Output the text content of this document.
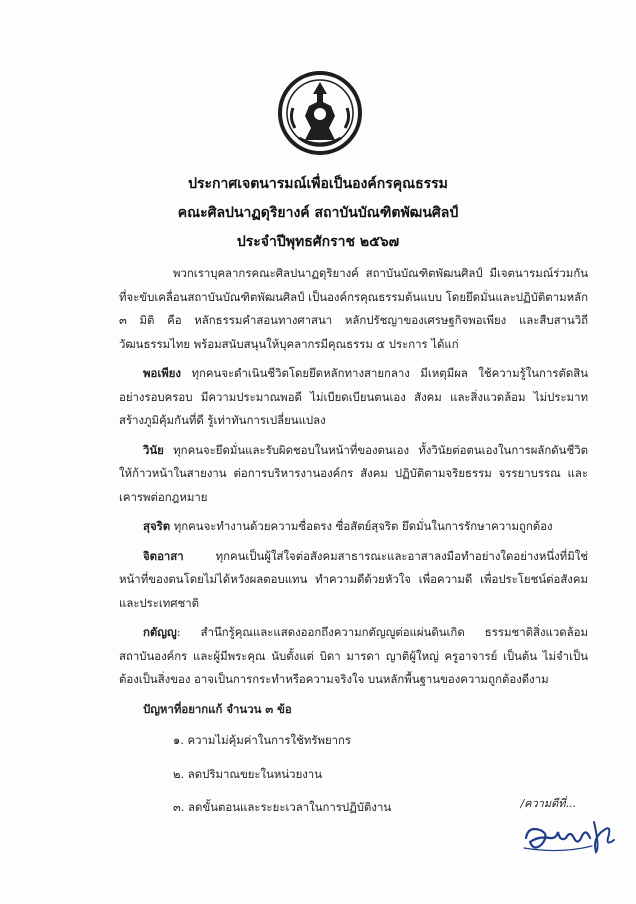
ประกาศเจตนารมณ์เพื่อเป็นองค์กรคุณธรรม
คณะศิลปนาฏดุริยางค์ สถาบันบัณฑิตพัฒนศิลป์
ประจำปีพุทธศักราช ๒๕๖๗

พวกเราบุคลากรคณะศิลปนาฏดุริยางค์ สถาบันบัณฑิตพัฒนศิลป์ มีเจตนารมณ์ร่วมกันที่จะขับเคลื่อนสถาบันบัณฑิตพัฒนศิลป์ เป็นองค์กรคุณธรรมต้นแบบ โดยยึดมั่นและปฏิบัติตามหลัก ๓ มิติ คือ หลักธรรมคำสอนทางศาสนา หลักปรัชญาของเศรษฐกิจพอเพียง และสืบสานวิถีวัฒนธรรมไทย พร้อมสนับสนุนให้บุคลากรมีคุณธรรม ๕ ประการ ได้แก่

พอเพียง ทุกคนจะดำเนินชีวิตโดยยึดหลักทางสายกลาง มีเหตุมีผล ใช้ความรู้ในการตัดสินอย่างรอบครอบ มีความประมาณพอดี ไม่เบียดเบียนตนเอง สังคม และสิ่งแวดล้อม ไม่ประมาท สร้างภูมิคุ้มกันที่ดี รู้เท่าทันการเปลี่ยนแปลง

วินัย ทุกคนจะยึดมั่นและรับผิดชอบในหน้าที่ของตนเอง ทั้งวินัยต่อตนเองในการผลักดันชีวิตให้ก้าวหน้าในสายงาน ต่อการบริหารงานองค์กร สังคม ปฏิบัติตามจริยธรรม จรรยาบรรณ และเคารพต่อกฎหมาย

สุจริต ทุกคนจะทำงานด้วยความซื่อตรง ซื่อสัตย์สุจริต ยึดมั่นในการรักษาความถูกต้อง

จิตอาสา ทุกคนเป็นผู้ใส่ใจต่อสังคมสาธารณะและอาสาลงมือทำอย่างใดอย่างหนึ่งที่มิใช่หน้าที่ของตนโดยไม่ได้หวังผลตอบแทน ทำความดีด้วยหัวใจ เพื่อความดี เพื่อประโยชน์ต่อสังคม และประเทศชาติ

กตัญญู: สำนึกรู้คุณและแสดงออกถึงความกตัญญูต่อแผ่นดินเกิด ธรรมชาติสิ่งแวดล้อม สถาบันองค์กร และผู้มีพระคุณ นับตั้งแต่ บิดา มารดา ญาติผู้ใหญ่ ครูอาจารย์ เป็นต้น ไม่จำเป็นต้องเป็นสิ่งของ อาจเป็นการกระทำหรือความจริงใจ บนหลักพื้นฐานของความถูกต้องดีงาม

ปัญหาที่อยากแก้ จำนวน ๓ ข้อ
๑. ความไม่คุ้มค่าในการใช้ทรัพยากร
๒. ลดปริมาณขยะในหน่วยงาน
๓. ลดขั้นตอนและระยะเวลาในการปฏิบัติงาน	/ความดีที่...
